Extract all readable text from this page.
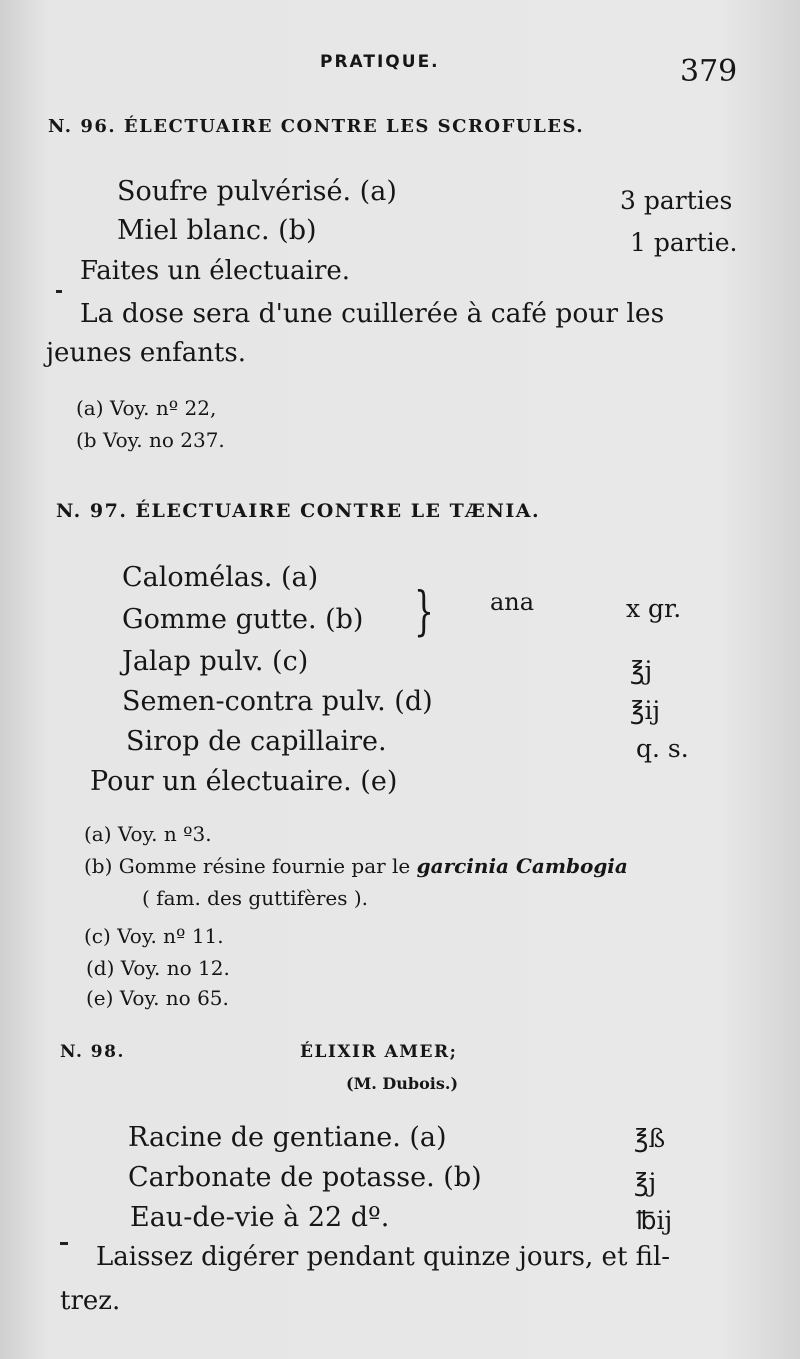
PRATIQUE.	379
N. 96. ÉLECTUAIRE CONTRE LES SCROFULES.
Soufre pulvérisé. (a)	3 parties
Miel blanc. (b)	1 partie.
Faites un électuaire.
La dose sera d'une cuillerée à café pour les
jeunes enfants.
(a) Voy. nº 22,
(b Voy. no 237.
N. 97. ÉLECTUAIRE CONTRE LE TÆNIA.
Calomélas. (a)
Gomme gutte. (b) } ana	x gr.
Jalap pulv. (c)	℥j
Semen-contra pulv. (d)	℥ij
Sirop de capillaire.	q. s.
Pour un électuaire. (e)
(a) Voy. n º3.
(b) Gomme résine fournie par le garcinia Cambogia
( fam. des guttifères ).
(c) Voy. nº 11.
(d) Voy. no 12.
(e) Voy. no 65.
N. 98.	ÉLIXIR AMER;
(M. Dubois.)
Racine de gentiane. (a)	℥ß
Carbonate de potasse. (b)	℥j
Eau-de-vie à 22 dº.	℔ij
Laissez digérer pendant quinze jours, et fil-
trez.
